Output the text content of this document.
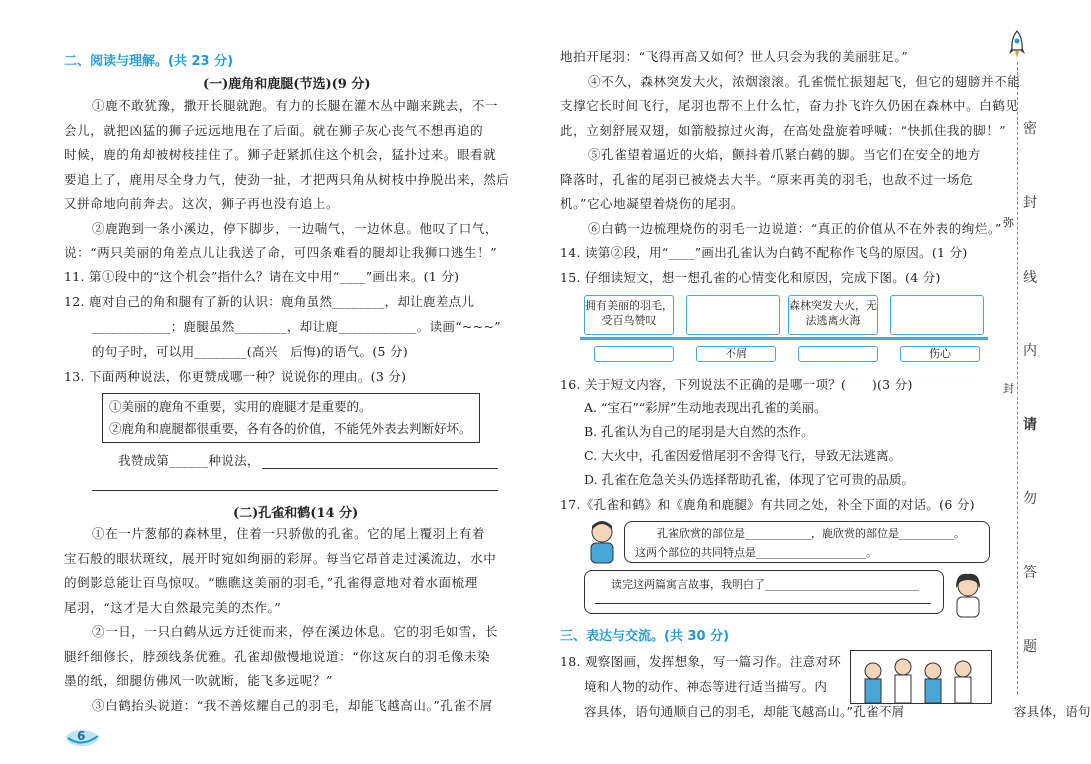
二、阅读与理解。(共 23 分)
(一)鹿角和鹿腿(节选)(9 分)
①鹿不敢犹豫，撒开长腿就跑。有力的长腿在灌木丛中蹦来跳去，不一
会儿，就把凶猛的狮子远远地甩在了后面。就在狮子灰心丧气不想再追的
时候，鹿的角却被树枝挂住了。狮子赶紧抓住这个机会，猛扑过来。眼看就
要追上了，鹿用尽全身力气，使劲一扯，才把两只角从树枝中挣脱出来，然后
又拼命地向前奔去。这次，狮子再也没有追上。
②鹿跑到一条小溪边，停下脚步，一边喘气，一边休息。他叹了口气，
说：“两只美丽的角差点儿让我送了命，可四条难看的腿却让我狮口逃生！”
11. 第①段中的“这个机会”指什么？请在文中用“____”画出来。(1 分)
12. 鹿对自己的角和腿有了新的认识：鹿角虽然________，却让鹿差点儿
____________；鹿腿虽然________，却让鹿____________。读画“~~~”
的句子时，可以用________(高兴　后悔)的语气。(5 分)
13. 下面两种说法，你更赞成哪一种？说说你的理由。(3 分)
①美丽的鹿角不重要，实用的鹿腿才是重要的。
②鹿角和鹿腿都很重要，各有各的价值，不能凭外表去判断好坏。
我赞成第______种说法，
(二)孔雀和鹤(14 分)
①在一片葱郁的森林里，住着一只骄傲的孔雀。它的尾上覆羽上有着
宝石般的眼状斑纹，展开时宛如绚丽的彩屏。每当它昂首走过溪流边，水中
的倒影总能让百鸟惊叹。“瞧瞧这美丽的羽毛，”孔雀得意地对着水面梳理
尾羽，“这才是大自然最完美的杰作。”
②一日，一只白鹤从远方迁徙而来，停在溪边休息。它的羽毛如雪，长
腿纤细修长，脖颈线条优雅。孔雀却傲慢地说道：“你这灰白的羽毛像未染
墨的纸，细腿仿佛风一吹就断，能飞多远呢？”
③白鹤抬头说道：“我不善炫耀自己的羽毛，却能飞越高山。”孔雀不屑
6
地拍开尾羽：“飞得再高又如何？世人只会为我的美丽驻足。”
④不久，森林突发大火，浓烟滚滚。孔雀慌忙振翅起飞，但它的翅膀并不能
支撑它长时间飞行，尾羽也帮不上什么忙，奋力扑飞许久仍困在森林中。白鹤见
此，立刻舒展双翅，如箭般掠过火海，在高处盘旋着呼喊：“快抓住我的脚！”
⑤孔雀望着逼近的火焰，颤抖着爪紧白鹤的脚。当它们在安全的地方
降落时，孔雀的尾羽已被烧去大半。“原来再美的羽毛，也敌不过一场危
机。”它心地凝望着烧伤的尾羽。
⑥白鹤一边梳理烧伤的羽毛一边说道：“真正的价值从不在外表的绚烂。”
14. 读第②段，用“____”画出孔雀认为白鹤不配称作飞鸟的原因。(1 分)
15. 仔细读短文，想一想孔雀的心情变化和原因，完成下图。(4 分)
拥有美丽的羽毛，受百鸟赞叹
森林突发大火，无法逃离火海
不屑	伤心
16. 关于短文内容，下列说法不正确的是哪一项？(　　)(3 分)
A. “宝石”“彩屏”生动地表现出孔雀的美丽。
B. 孔雀认为自己的尾羽是大自然的杰作。
C. 大火中，孔雀因爱惜尾羽不舍得飞行，导致无法逃离。
D. 孔雀在危急关头仍选择帮助孔雀，体现了它可贵的品质。
17.《孔雀和鹤》和《鹿角和鹿腿》有共同之处，补全下面的对话。(6 分)
孔雀欣赏的部位是____________，鹿欣赏的部位是__________。
这两个部位的共同特点是____________________。
读完这两篇寓言故事，我明白了____________________________
三、表达与交流。(共 30 分)
18. 观察图画，发挥想象，写一篇习作。注意对环
境和人物的动作、神态等进行适当描写。内
容具体，语句通顺自己的羽毛，却能飞越高山。”孔雀不屑
密
封
弥
线
内
封
请
勿
答
题
容具体，语句
